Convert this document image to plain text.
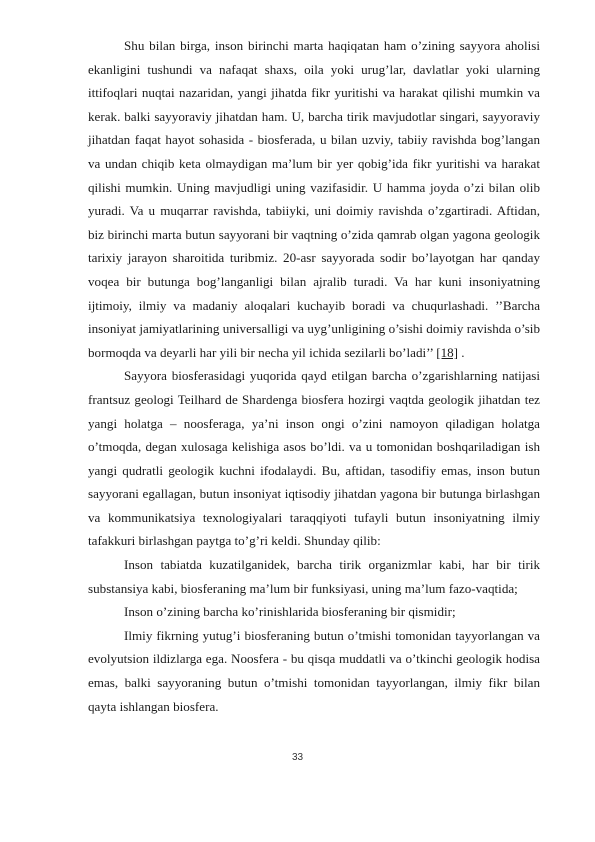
Shu bilan birga, inson birinchi marta haqiqatan ham o’zining sayyora aholisi ekanligini tushundi va nafaqat shaxs, oila yoki urug’lar, davlatlar yoki ularning ittifoqlari nuqtai nazaridan, yangi jihatda fikr yuritishi va harakat qilishi mumkin va kerak. balki sayyoraviy jihatdan ham. U, barcha tirik mavjudotlar singari, sayyoraviy jihatdan faqat hayot sohasida - biosferada, u bilan uzviy, tabiiy ravishda bog’langan va undan chiqib keta olmaydigan ma’lum bir yer qobig’ida fikr yuritishi va harakat qilishi mumkin. Uning mavjudligi uning vazifasidir. U hamma joyda o’zi bilan olib yuradi. Va u muqarrar ravishda, tabiiyki, uni doimiy ravishda o’zgartiradi. Aftidan, biz birinchi marta butun sayyorani bir vaqtning o’zida qamrab olgan yagona geologik tarixiy jarayon sharoitida turibmiz. 20-asr sayyorada sodir bo’layotgan har qanday voqea bir butunga bog’langanligi bilan ajralib turadi. Va har kuni insoniyatning ijtimoiy, ilmiy va madaniy aloqalari kuchayib boradi va chuqurlashadi. ’’Barcha insoniyat jamiyatlarining universalligi va uyg’unligining o’sishi doimiy ravishda o’sib bormoqda va deyarli har yili bir necha yil ichida sezilarli bo’ladi’’ [18] .

Sayyora biosferasidagi yuqorida qayd etilgan barcha o’zgarishlarning natijasi frantsuz geologi Teilhard de Shardenga biosfera hozirgi vaqtda geologik jihatdan tez yangi holatga – noosferaga, ya’ni inson ongi o’zini namoyon qiladigan holatga o’tmoqda, degan xulosaga kelishiga asos bo’ldi. va u tomonidan boshqariladigan ish yangi qudratli geologik kuchni ifodalaydi. Bu, aftidan, tasodifiy emas, inson butun sayyorani egallagan, butun insoniyat iqtisodiy jihatdan yagona bir butunga birlashgan va kommunikatsiya texnologiyalari taraqqiyoti tufayli butun insoniyatning ilmiy tafakkuri birlashgan paytga to’g’ri keldi. Shunday qilib:

Inson tabiatda kuzatilganidek, barcha tirik organizmlar kabi, har bir tirik substansiya kabi, biosferaning ma’lum bir funksiyasi, uning ma’lum fazo-vaqtida;

Inson o’zining barcha ko’rinishlarida biosferaning bir qismidir;

Ilmiy fikrning yutug’i biosferaning butun o’tmishi tomonidan tayyorlangan va evolyutsion ildizlarga ega. Noosfera - bu qisqa muddatli va o’tkinchi geologik hodisa emas, balki sayyoraning butun o’tmishi tomonidan tayyorlangan, ilmiy fikr bilan qayta ishlangan biosfera.

33
